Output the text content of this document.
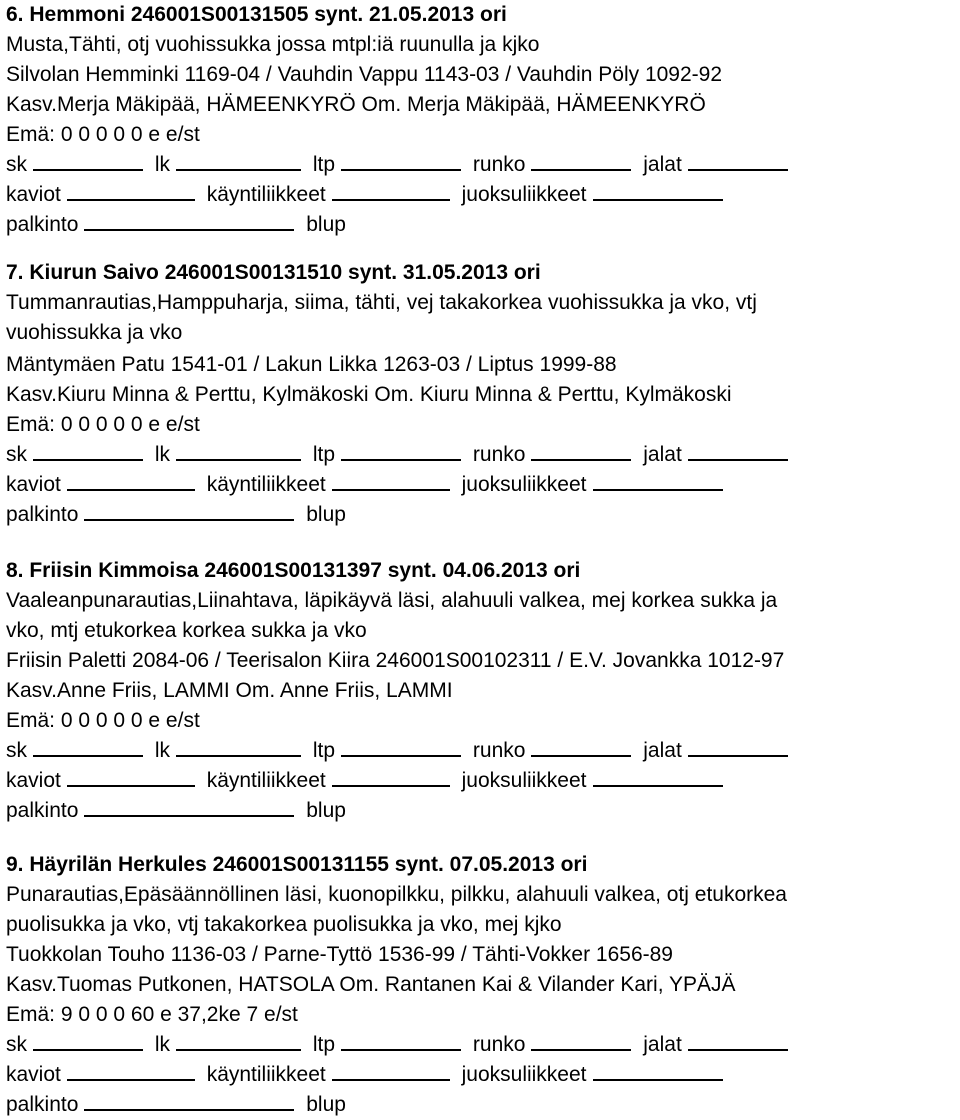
6. Hemmoni 246001S00131505 synt. 21.05.2013 ori
Musta,Tähti, otj vuohissukka jossa mtpl:iä ruunulla ja kjko
Silvolan Hemminki 1169-04 / Vauhdin Vappu 1143-03 / Vauhdin Pöly 1092-92
Kasv.Merja Mäkipää, HÄMEENKYRÖ Om. Merja Mäkipää, HÄMEENKYRÖ
Emä: 0 0 0 0 0 e e/st
sk	lk	ltp	runko	jalat
kaviot	käyntiliikkeet	juoksuliikkeet
palkinto	blup
7. Kiurun Saivo 246001S00131510 synt. 31.05.2013 ori
Tummanrautias,Hamppuharja, siima, tähti, vej takakorkea vuohissukka ja vko, vtj
vuohissukka ja vko
Mäntymäen Patu 1541-01 / Lakun Likka 1263-03 / Liptus 1999-88
Kasv.Kiuru Minna & Perttu, Kylmäkoski Om. Kiuru Minna & Perttu, Kylmäkoski
Emä: 0 0 0 0 0 e e/st
sk	lk	ltp	runko	jalat
kaviot	käyntiliikkeet	juoksuliikkeet
palkinto	blup
8. Friisin Kimmoisa 246001S00131397 synt. 04.06.2013 ori
Vaaleanpunarautias,Liinahtava, läpikäyvä läsi, alahuuli valkea, mej korkea sukka ja
vko, mtj etukorkea korkea sukka ja vko
Friisin Paletti 2084-06 / Teerisalon Kiira 246001S00102311 / E.V. Jovankka 1012-97
Kasv.Anne Friis, LAMMI Om. Anne Friis, LAMMI
Emä: 0 0 0 0 0 e e/st
sk	lk	ltp	runko	jalat
kaviot	käyntiliikkeet	juoksuliikkeet
palkinto	blup
9. Häyrilän Herkules 246001S00131155 synt. 07.05.2013 ori
Punarautias,Epäsäännöllinen läsi, kuonopilkku, pilkku, alahuuli valkea, otj etukorkea
puolisukka ja vko, vtj takakorkea puolisukka ja vko, mej kjko
Tuokkolan Touho 1136-03 / Parne-Tyttö 1536-99 / Tähti-Vokker 1656-89
Kasv.Tuomas Putkonen, HATSOLA Om. Rantanen Kai & Vilander Kari, YPÄJÄ
Emä: 9 0 0 0 60 e 37,2ke 7 e/st
sk	lk	ltp	runko	jalat
kaviot	käyntiliikkeet	juoksuliikkeet
palkinto	blup
